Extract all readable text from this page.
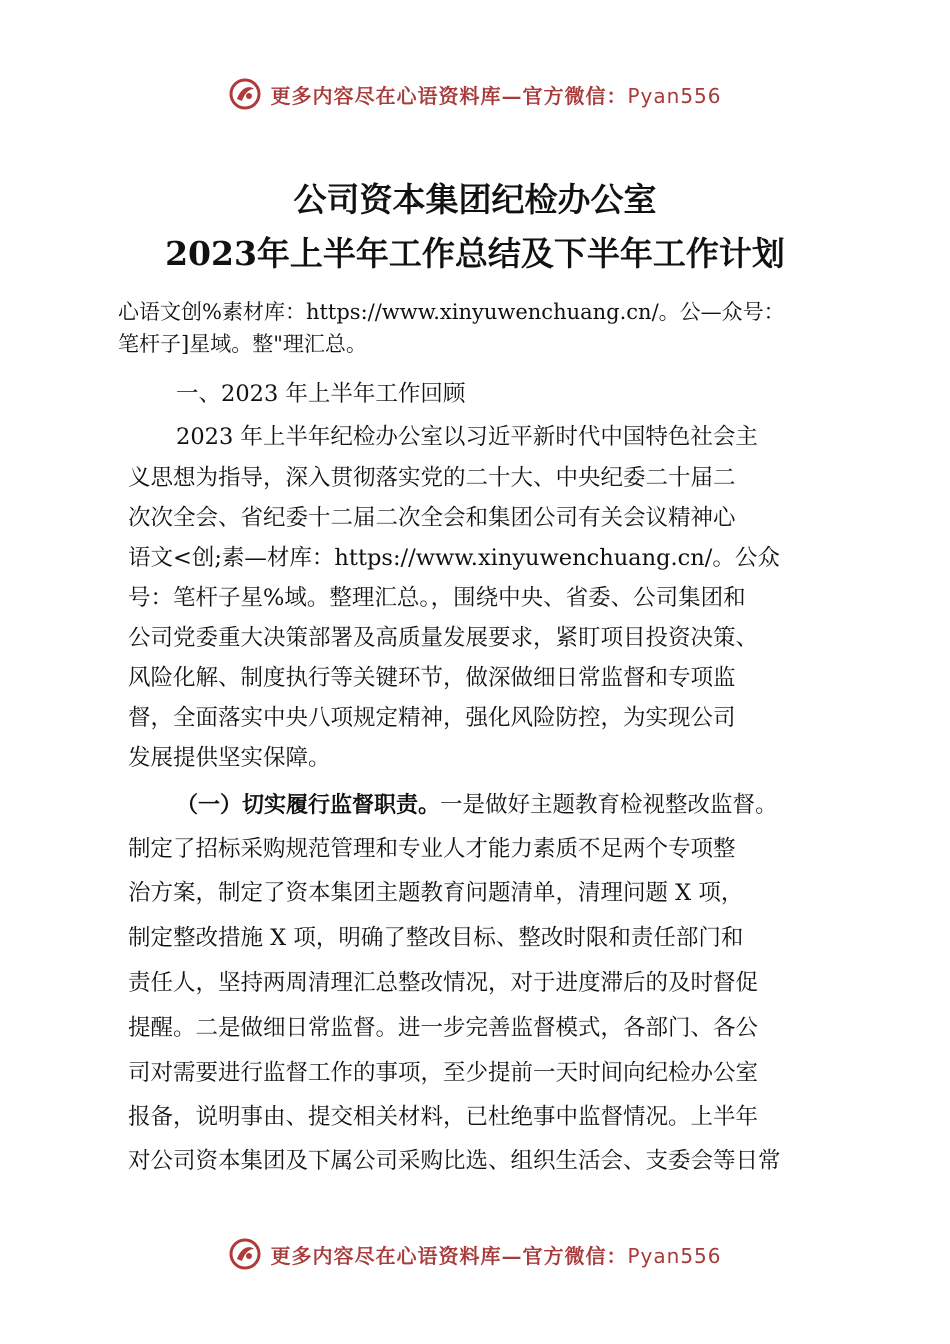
更多内容尽在心语资料库—官方微信：Pyan556
公司资本集团纪检办公室
2023年上半年工作总结及下半年工作计划
心语文创%素材库：https://www.xinyuwenchuang.cn/。公—众号：
笔杆子]星域。整"理汇总。
一、2023 年上半年工作回顾
2023 年上半年纪检办公室以习近平新时代中国特色社会主
义思想为指导，深入贯彻落实党的二十大、中央纪委二十届二
次次全会、省纪委十二届二次全会和集团公司有关会议精神心
语文<创;素—材库：https://www.xinyuwenchuang.cn/。公众
号：笔杆子星%域。整理汇总。，围绕中央、省委、公司集团和
公司党委重大决策部署及高质量发展要求，紧盯项目投资决策、
风险化解、制度执行等关键环节，做深做细日常监督和专项监
督，全面落实中央八项规定精神，强化风险防控，为实现公司
发展提供坚实保障。
（一）切实履行监督职责。一是做好主题教育检视整改监督。
制定了招标采购规范管理和专业人才能力素质不足两个专项整
治方案，制定了资本集团主题教育问题清单，清理问题 X 项，
制定整改措施 X 项，明确了整改目标、整改时限和责任部门和
责任人，坚持两周清理汇总整改情况，对于进度滞后的及时督促
提醒。二是做细日常监督。进一步完善监督模式，各部门、各公
司对需要进行监督工作的事项，至少提前一天时间向纪检办公室
报备，说明事由、提交相关材料，已杜绝事中监督情况。上半年
对公司资本集团及下属公司采购比选、组织生活会、支委会等日常
更多内容尽在心语资料库—官方微信：Pyan556
